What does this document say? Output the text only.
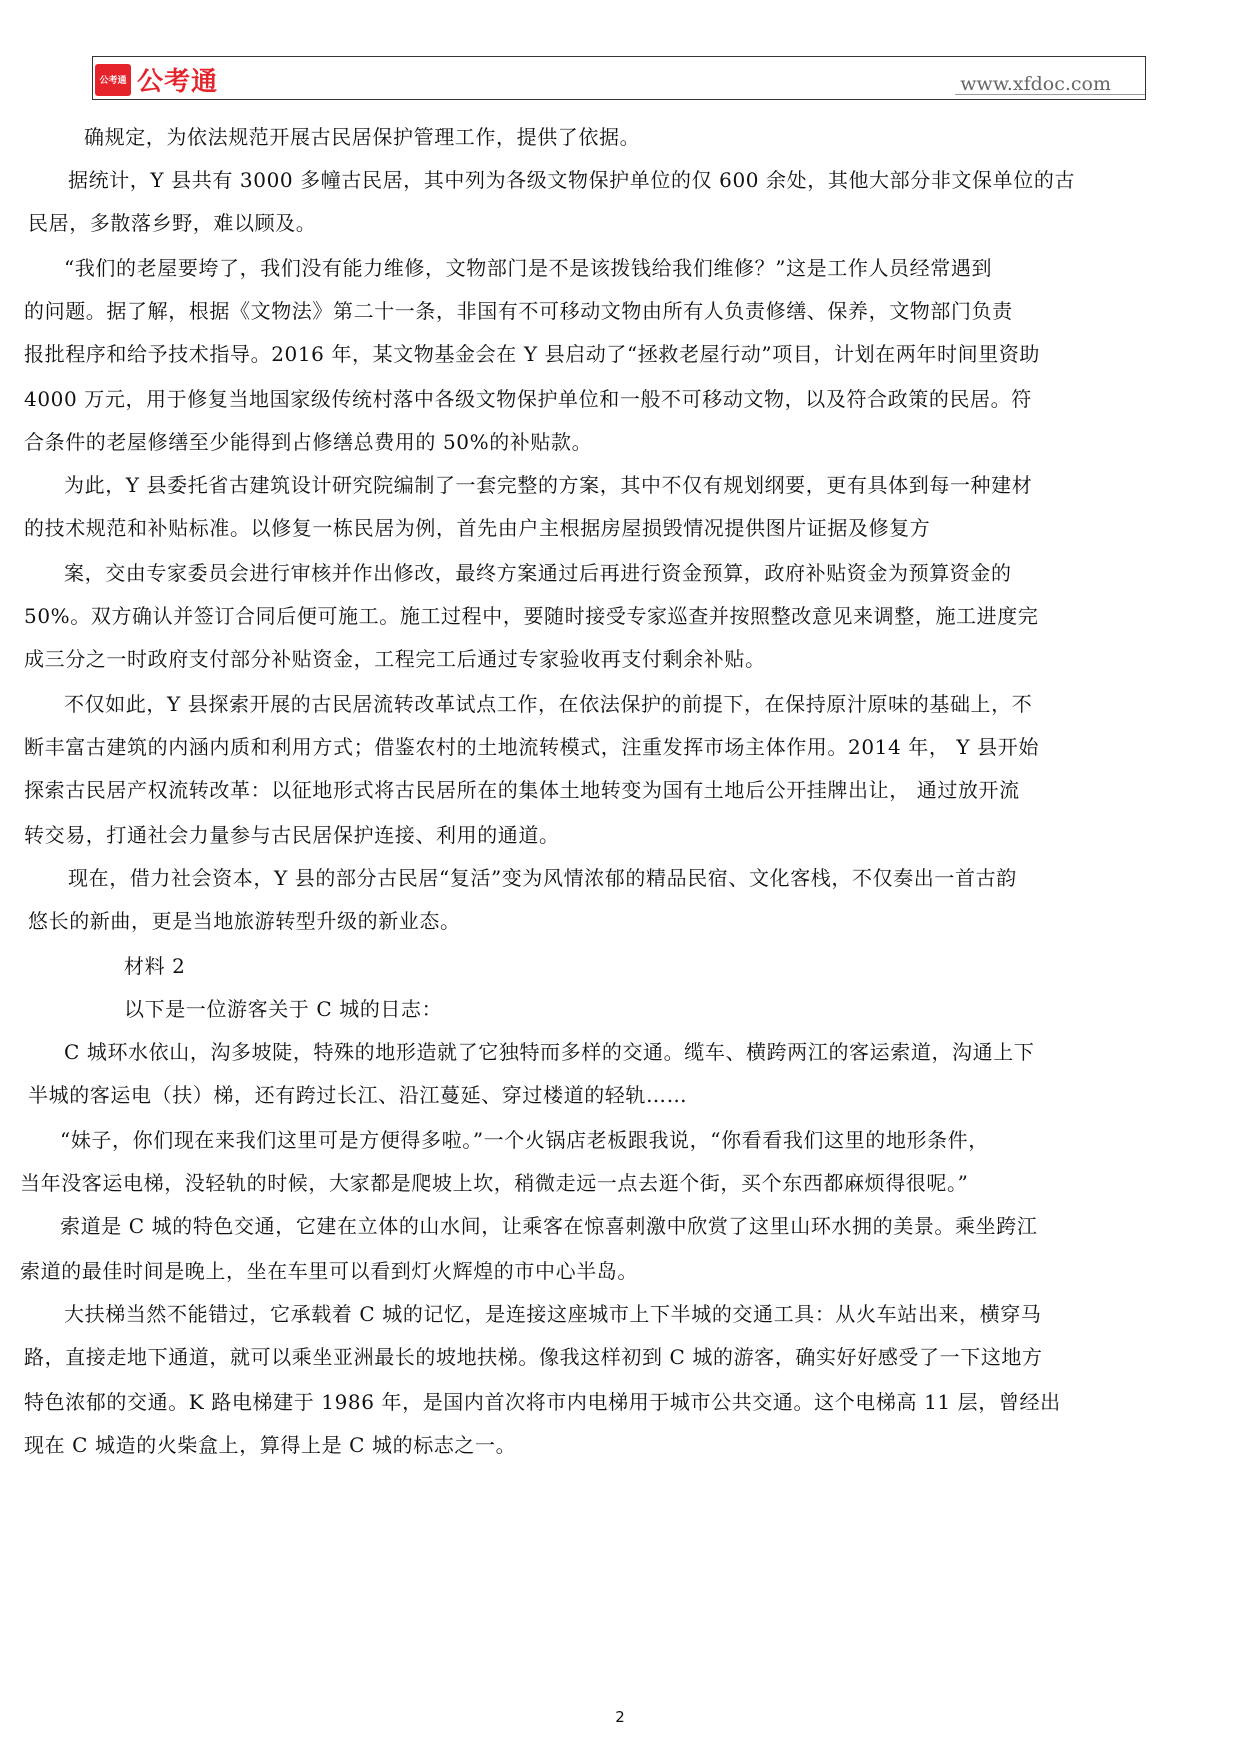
公考通 公考通	www.xfdoc.com
确规定，为依法规范开展古民居保护管理工作，提供了依据。
据统计，Y 县共有 3000 多幢古民居，其中列为各级文物保护单位的仅 600 余处，其他大部分非文保单位的古
民居，多散落乡野，难以顾及。
“我们的老屋要垮了，我们没有能力维修，文物部门是不是该拨钱给我们维修？”这是工作人员经常遇到
的问题。据了解，根据《文物法》第二十一条，非国有不可移动文物由所有人负责修缮、保养，文物部门负责
报批程序和给予技术指导。2016 年，某文物基金会在 Y 县启动了“拯救老屋行动”项目，计划在两年时间里资助
4000 万元，用于修复当地国家级传统村落中各级文物保护单位和一般不可移动文物，以及符合政策的民居。符
合条件的老屋修缮至少能得到占修缮总费用的 50%的补贴款。
为此，Y 县委托省古建筑设计研究院编制了一套完整的方案，其中不仅有规划纲要，更有具体到每一种建材
的技术规范和补贴标准。以修复一栋民居为例，首先由户主根据房屋损毁情况提供图片证据及修复方
案，交由专家委员会进行审核并作出修改，最终方案通过后再进行资金预算，政府补贴资金为预算资金的
50%。双方确认并签订合同后便可施工。施工过程中，要随时接受专家巡查并按照整改意见来调整，施工进度完
成三分之一时政府支付部分补贴资金，工程完工后通过专家验收再支付剩余补贴。
不仅如此，Y 县探索开展的古民居流转改革试点工作，在依法保护的前提下，在保持原汁原味的基础上，不
断丰富古建筑的内涵内质和利用方式；借鉴农村的土地流转模式，注重发挥市场主体作用。2014 年， Y 县开始
探索古民居产权流转改革：以征地形式将古民居所在的集体土地转变为国有土地后公开挂牌出让， 通过放开流
转交易，打通社会力量参与古民居保护连接、利用的通道。
现在，借力社会资本，Y 县的部分古民居“复活”变为风情浓郁的精品民宿、文化客栈，不仅奏出一首古韵
悠长的新曲，更是当地旅游转型升级的新业态。
材料 2
以下是一位游客关于 C 城的日志：
C 城环水依山，沟多坡陡，特殊的地形造就了它独特而多样的交通。缆车、横跨两江的客运索道，沟通上下
半城的客运电（扶）梯，还有跨过长江、沿江蔓延、穿过楼道的轻轨……
“妹子，你们现在来我们这里可是方便得多啦。”一个火锅店老板跟我说，“你看看我们这里的地形条件，
当年没客运电梯，没轻轨的时候，大家都是爬坡上坎，稍微走远一点去逛个街，买个东西都麻烦得很呢。”
索道是 C 城的特色交通，它建在立体的山水间，让乘客在惊喜刺激中欣赏了这里山环水拥的美景。乘坐跨江
索道的最佳时间是晚上，坐在车里可以看到灯火辉煌的市中心半岛。
大扶梯当然不能错过，它承载着 C 城的记忆，是连接这座城市上下半城的交通工具：从火车站出来，横穿马
路，直接走地下通道，就可以乘坐亚洲最长的坡地扶梯。像我这样初到 C 城的游客，确实好好感受了一下这地方
特色浓郁的交通。K 路电梯建于 1986 年，是国内首次将市内电梯用于城市公共交通。这个电梯高 11 层，曾经出
现在 C 城造的火柴盒上，算得上是 C 城的标志之一。
2
